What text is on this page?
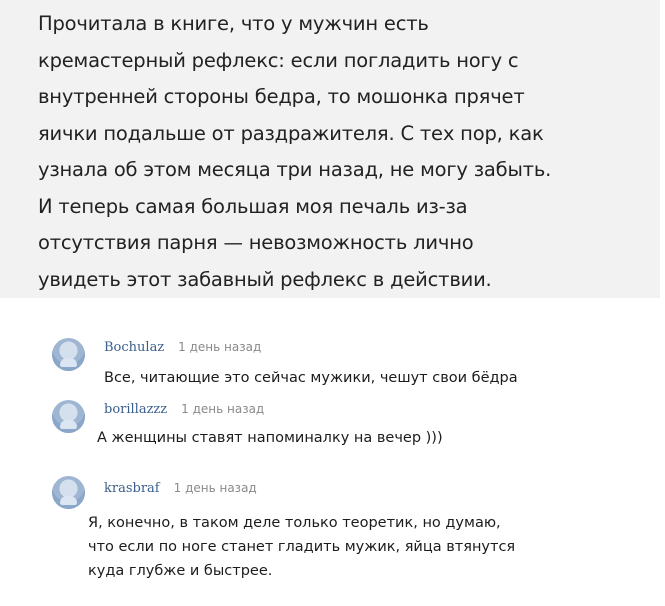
Прочитала в книге, что у мужчин есть
кремастерный рефлекс: если погладить ногу с
внутренней стороны бедра, то мошонка прячет
яички подальше от раздражителя. С тех пор, как
узнала об этом месяца три назад, не могу забыть.
И теперь самая большая моя печаль из-за
отсутствия парня — невозможность лично
увидеть этот забавный рефлекс в действии.
Bochulaz 1 день назад
Все, читающие это сейчас мужики, чешут свои бёдра
borillazzz 1 день назад
А женщины ставят напоминалку на вечер )))
krasbraf 1 день назад
Я, конечно, в таком деле только теоретик, но думаю,
что если по ноге станет гладить мужик, яйца втянутся
куда глубже и быстрее.
